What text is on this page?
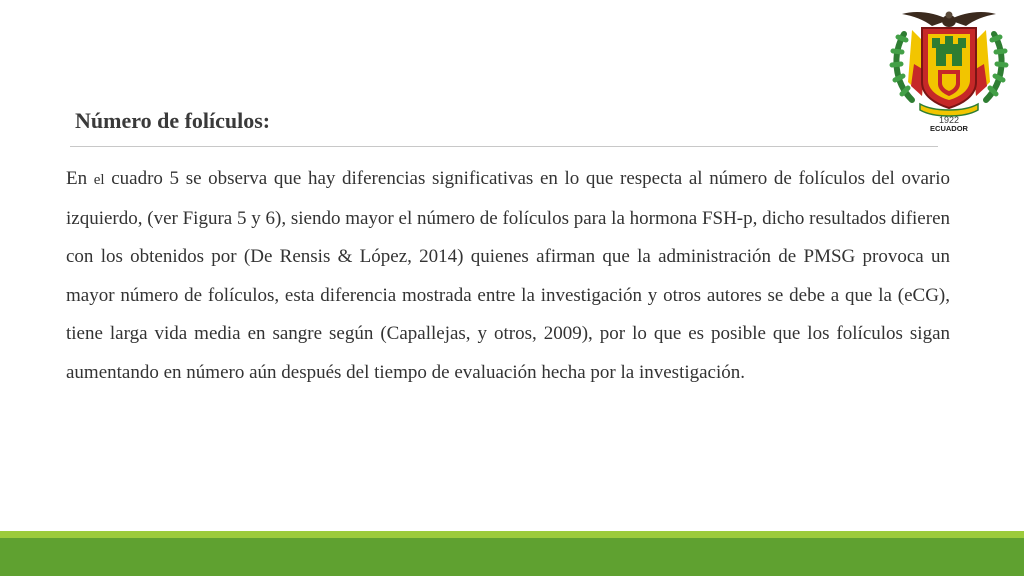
Número de folículos:

En el cuadro 5 se observa que hay diferencias significativas en lo que respecta al número de folículos del ovario izquierdo, (ver Figura 5 y 6), siendo mayor el número de folículos para la hormona FSH-p, dicho resultados difieren con los obtenidos por (De Rensis & López, 2014) quienes afirman que la administración de PMSG provoca un mayor número de folículos, esta diferencia mostrada entre la investigación y otros autores se debe a que la (eCG), tiene larga vida media en sangre según (Capallejas, y otros, 2009), por lo que es posible que los folículos sigan aumentando en número aún después del tiempo de evaluación hecha por la investigación.

1922
ECUADOR
